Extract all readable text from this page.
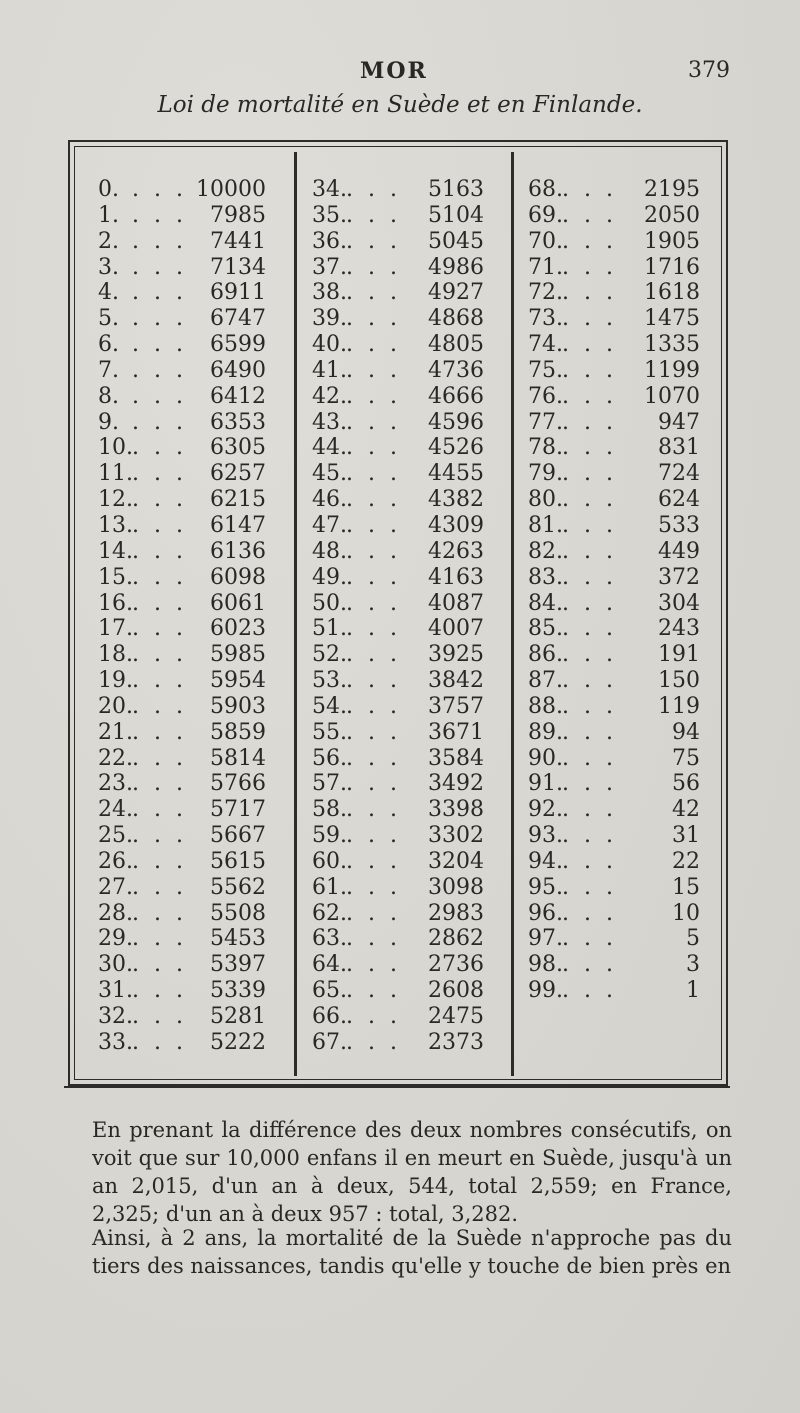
MOR	379
Loi de mortalité en Suède et en Finlande.
0. . . . 10000
1. . . . 7985
2. . . . 7441
3. . . . 7134
4. . . . 6911
5. . . . 6747
6. . . . 6599
7. . . . 6490
8. . . . 6412
9. . . . 6353
10. . . . 6305
11. . . . 6257
12. . . . 6215
13. . . . 6147
14. . . . 6136
15. . . . 6098
16. . . . 6061
17. . . . 6023
18. . . . 5985
19. . . . 5954
20. . . . 5903
21. . . . 5859
22. . . . 5814
23. . . . 5766
24. . . . 5717
25. . . . 5667
26. . . . 5615
27. . . . 5562
28. . . . 5508
29. . . . 5453
30. . . . 5397
31. . . . 5339
32. . . . 5281
33. . . . 5222
34. . . . 5163
35. . . . 5104
36. . . . 5045
37. . . . 4986
38. . . . 4927
39. . . . 4868
40. . . . 4805
41. . . . 4736
42. . . . 4666
43. . . . 4596
44. . . . 4526
45. . . . 4455
46. . . . 4382
47. . . . 4309
48. . . . 4263
49. . . . 4163
50. . . . 4087
51. . . . 4007
52. . . . 3925
53. . . . 3842
54. . . . 3757
55. . . . 3671
56. . . . 3584
57. . . . 3492
58. . . . 3398
59. . . . 3302
60. . . . 3204
61. . . . 3098
62. . . . 2983
63. . . . 2862
64. . . . 2736
65. . . . 2608
66. . . . 2475
67. . . . 2373
68. . . . 2195
69. . . . 2050
70. . . . 1905
71. . . . 1716
72. . . . 1618
73. . . . 1475
74. . . . 1335
75. . . . 1199
76. . . . 1070
77. . . . 947
78. . . . 831
79. . . . 724
80. . . . 624
81. . . . 533
82. . . . 449
83. . . . 372
84. . . . 304
85. . . . 243
86. . . . 191
87. . . . 150
88. . . . 119
89. . . .	94
90. . . .	75
91. . . .	56
92. . . .	42
93. . . .	31
94. . . .	22
95. . . .	15
96. . . .	10
97. . . .	5
98. . . .	3
99. . . .	1
En prenant la différence des deux nombres consécutifs, on voit que sur 10,000 enfans il en meurt en Suède, jusqu'à un an 2,015, d'un an à deux, 544, total 2,559; en France, 2,325; d'un an à deux 957 : total, 3,282.
Ainsi, à 2 ans, la mortalité de la Suède n'approche pas du tiers des naissances, tandis qu'elle y touche de bien près en
